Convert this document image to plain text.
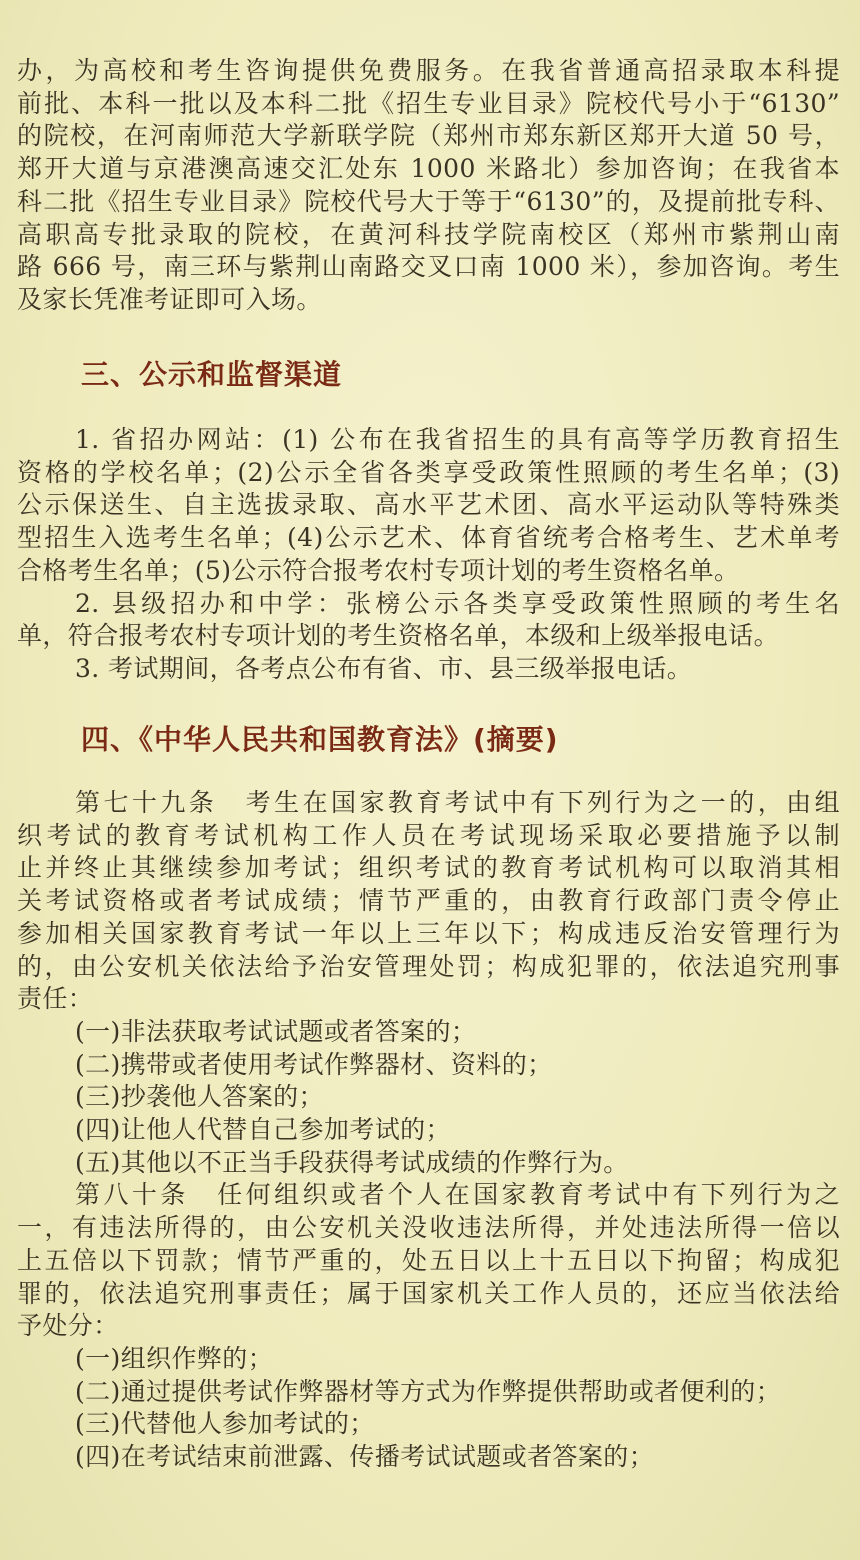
办，为高校和考生咨询提供免费服务。在我省普通高招录取本科提

前批、本科一批以及本科二批《招生专业目录》院校代号小于“6130”

的院校，在河南师范大学新联学院（郑州市郑东新区郑开大道 50 号，

郑开大道与京港澳高速交汇处东 1000 米路北）参加咨询；在我省本

科二批《招生专业目录》院校代号大于等于“6130”的，及提前批专科、

高职高专批录取的院校，在黄河科技学院南校区（郑州市紫荆山南

路 666 号，南三环与紫荆山南路交叉口南 1000 米），参加咨询。考生

及家长凭准考证即可入场。

三、公示和监督渠道

1. 省招办网站：(1) 公布在我省招生的具有高等学历教育招生

资格的学校名单；(2)公示全省各类享受政策性照顾的考生名单；(3)

公示保送生、自主选拔录取、高水平艺术团、高水平运动队等特殊类

型招生入选考生名单；(4)公示艺术、体育省统考合格考生、艺术单考

合格考生名单；(5)公示符合报考农村专项计划的考生资格名单。

2. 县级招办和中学：张榜公示各类享受政策性照顾的考生名

单，符合报考农村专项计划的考生资格名单，本级和上级举报电话。

3. 考试期间，各考点公布有省、市、县三级举报电话。

四、《中华人民共和国教育法》(摘要)

第七十九条　考生在国家教育考试中有下列行为之一的，由组

织考试的教育考试机构工作人员在考试现场采取必要措施予以制

止并终止其继续参加考试；组织考试的教育考试机构可以取消其相

关考试资格或者考试成绩；情节严重的，由教育行政部门责令停止

参加相关国家教育考试一年以上三年以下；构成违反治安管理行为

的，由公安机关依法给予治安管理处罚；构成犯罪的，依法追究刑事

责任：

(一)非法获取考试试题或者答案的；

(二)携带或者使用考试作弊器材、资料的；

(三)抄袭他人答案的；

(四)让他人代替自己参加考试的；

(五)其他以不正当手段获得考试成绩的作弊行为。

第八十条　任何组织或者个人在国家教育考试中有下列行为之

一，有违法所得的，由公安机关没收违法所得，并处违法所得一倍以

上五倍以下罚款；情节严重的，处五日以上十五日以下拘留；构成犯

罪的，依法追究刑事责任；属于国家机关工作人员的，还应当依法给

予处分：

(一)组织作弊的；

(二)通过提供考试作弊器材等方式为作弊提供帮助或者便利的；

(三)代替他人参加考试的；

(四)在考试结束前泄露、传播考试试题或者答案的；
